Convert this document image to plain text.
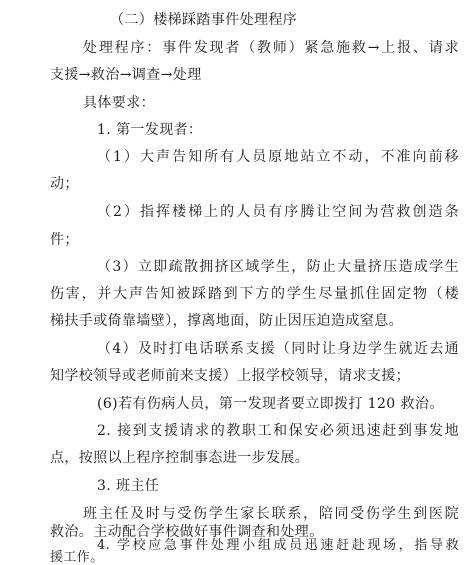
（二）楼梯踩踏事件处理程序
处理程序：事件发现者（教师）紧急施救→上报、请求
支援→救治→调查→处理
具体要求：
1. 第一发现者：
（1）大声告知所有人员原地站立不动，不准向前移
动；
（2）指挥楼梯上的人员有序腾让空间为营救创造条
件；
（3）立即疏散拥挤区域学生，防止大量挤压造成学生
伤害，并大声告知被踩踏到下方的学生尽量抓住固定物（楼
梯扶手或倚靠墙壁），撑离地面，防止因压迫造成窒息。
（4）及时打电话联系支援（同时让身边学生就近去通
知学校领导或老师前来支援）上报学校领导，请求支援；
(6)若有伤病人员，第一发现者要立即拨打 120 救治。
2. 接到支援请求的教职工和保安必须迅速赶到事发地
点，按照以上程序控制事态进一步发展。
3. 班主任
班主任及时与受伤学生家长联系，陪同受伤学生到医院
救治。主动配合学校做好事件调查和处理。
4. 学校应急事件处理小组成员迅速赶赴现场，指导救
援工作。
